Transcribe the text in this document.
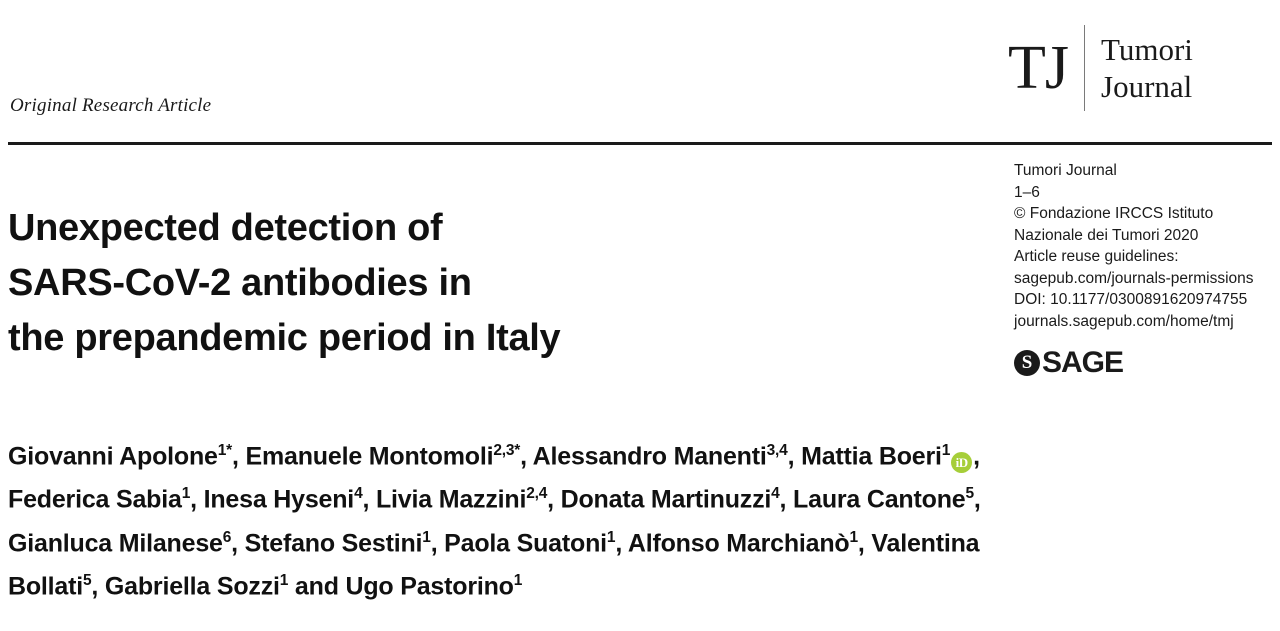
TJ	Tumori
Journal
Original Research Article
Unexpected detection of
SARS-CoV-2 antibodies in
the prepandemic period in Italy
Giovanni Apolone$^{1*}$, Emanuele Montomoli$^{2,3*}$, Alessandro Manenti$^{3,4}$, Mattia Boeri$^1$iD , Federica Sabia$^1$, Inesa Hyseni$^4$, Livia Mazzini$^{2,4}$, Donata Martinuzzi$^4$, Laura Cantone$^5$, Gianluca Milanese$^6$, Stefano Sestini$^1$, Paola Suatoni$^1$, Alfonso Marchianò$^1$, Valentina Bollati$^5$, Gabriella Sozzi$^1$ and Ugo Pastorino$^1$
Tumori Journal
1–6
© Fondazione IRCCS Istituto
Nazionale dei Tumori 2020
Article reuse guidelines:
sagepub.com/journals-permissions
DOI: 10.1177/0300891620974755
journals.sagepub.com/home/tmj
S SAGE
